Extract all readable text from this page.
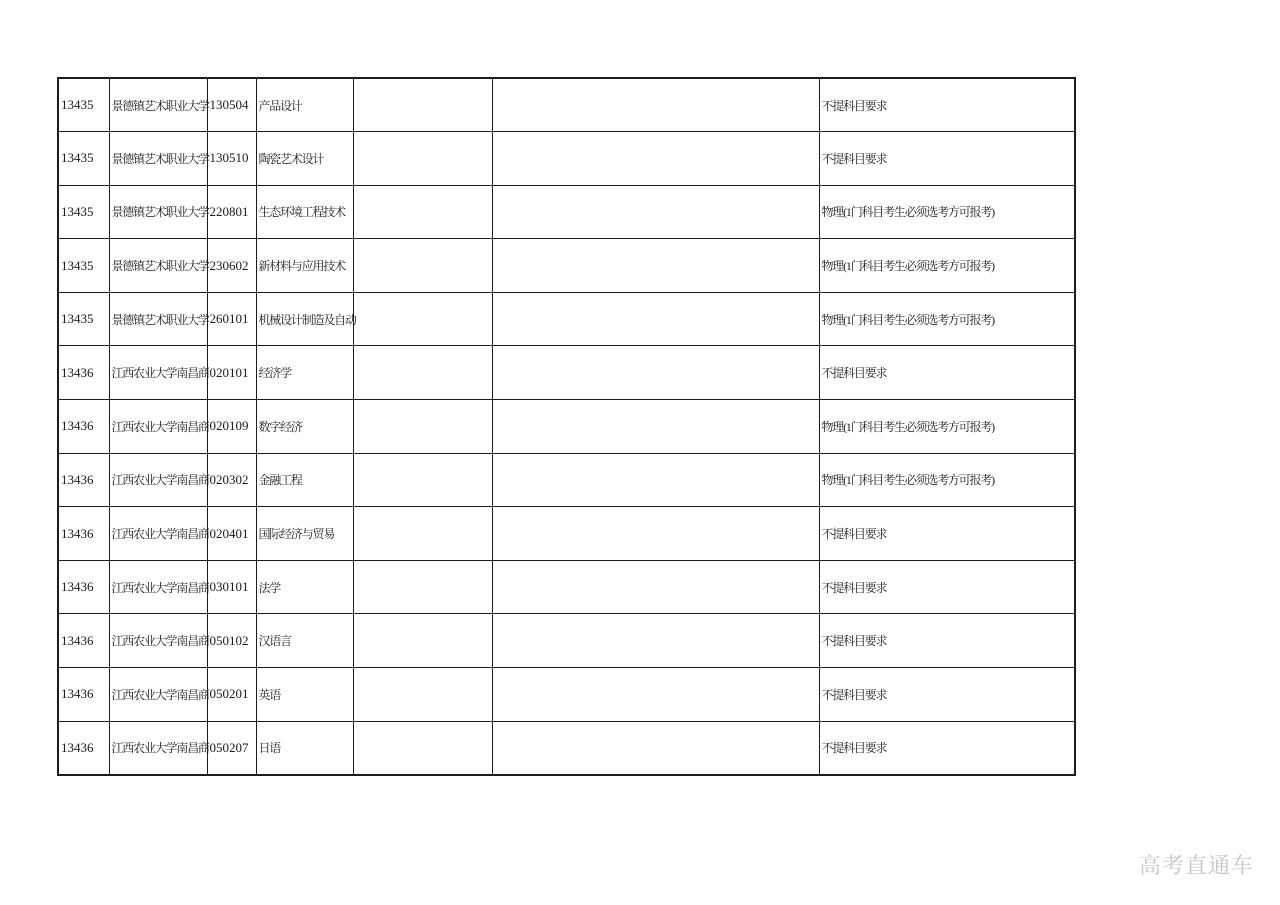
13435	景德镇艺术职业大学	130504	产品设计			不提科目要求
13435	景德镇艺术职业大学	130510	陶瓷艺术设计			不提科目要求
13435	景德镇艺术职业大学	220801	生态环境工程技术			物理(1门科目考生必须选考方可报考)
13435	景德镇艺术职业大学	230602	新材料与应用技术			物理(1门科目考生必须选考方可报考)
13435	景德镇艺术职业大学	260101	机械设计制造及自动			物理(1门科目考生必须选考方可报考)
13436	江西农业大学南昌商	020101	经济学			不提科目要求
13436	江西农业大学南昌商	020109	数字经济			物理(1门科目考生必须选考方可报考)
13436	江西农业大学南昌商	020302	金融工程			物理(1门科目考生必须选考方可报考)
13436	江西农业大学南昌商	020401	国际经济与贸易			不提科目要求
13436	江西农业大学南昌商	030101	法学			不提科目要求
13436	江西农业大学南昌商	050102	汉语言			不提科目要求
13436	江西农业大学南昌商	050201	英语			不提科目要求
13436	江西农业大学南昌商	050207	日语			不提科目要求
高考直通车
